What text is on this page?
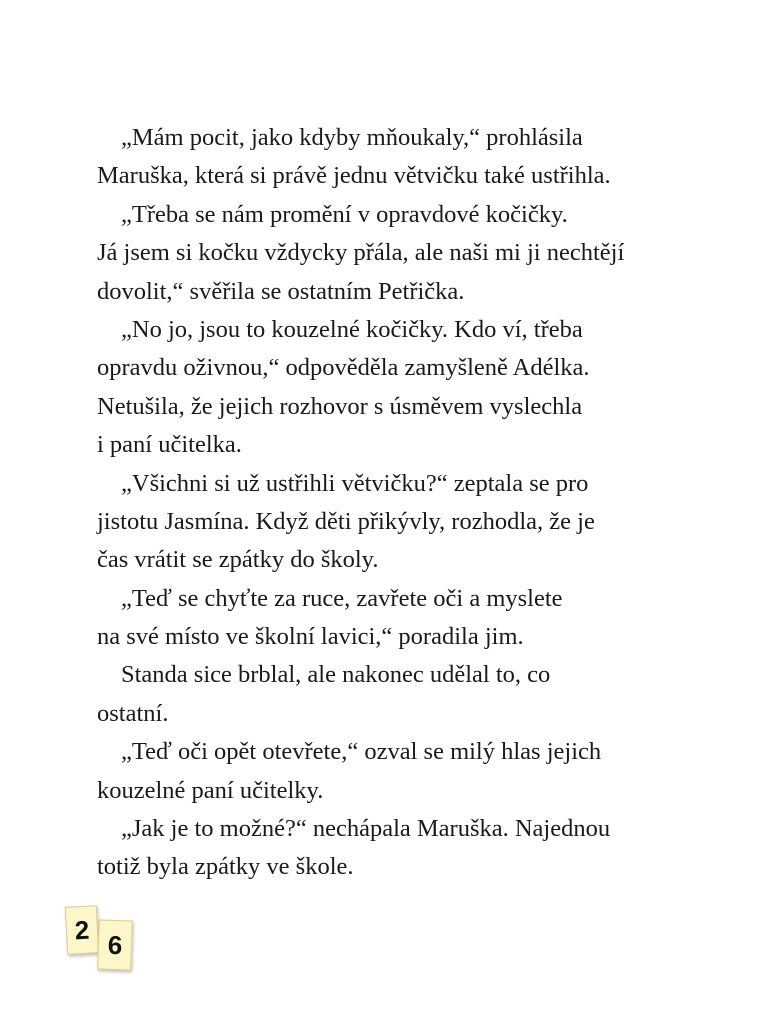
„Mám pocit, jako kdyby mňoukaly,“ prohlásila
Maruška, která si právě jednu větvičku také ustřihla.
„Třeba se nám promění v opravdové kočičky.
Já jsem si kočku vždycky přála, ale naši mi ji nechtějí
dovolit,“ svěřila se ostatním Petřička.
„No jo, jsou to kouzelné kočičky. Kdo ví, třeba
opravdu oživnou,“ odpověděla zamyšleně Adélka.
Netušila, že jejich rozhovor s úsměvem vyslechla
i paní učitelka.
„Všichni si už ustřihli větvičku?“ zeptala se pro
jistotu Jasmína. Když děti přikývly, rozhodla, že je
čas vrátit se zpátky do školy.
„Teď se chyťte za ruce, zavřete oči a myslete
na své místo ve školní lavici,“ poradila jim.
Standa sice brblal, ale nakonec udělal to, co
ostatní.
„Teď oči opět otevřete,“ ozval se milý hlas jejich
kouzelné paní učitelky.
„Jak je to možné?“ nechápala Maruška. Najednou
totiž byla zpátky ve škole.
2 6
